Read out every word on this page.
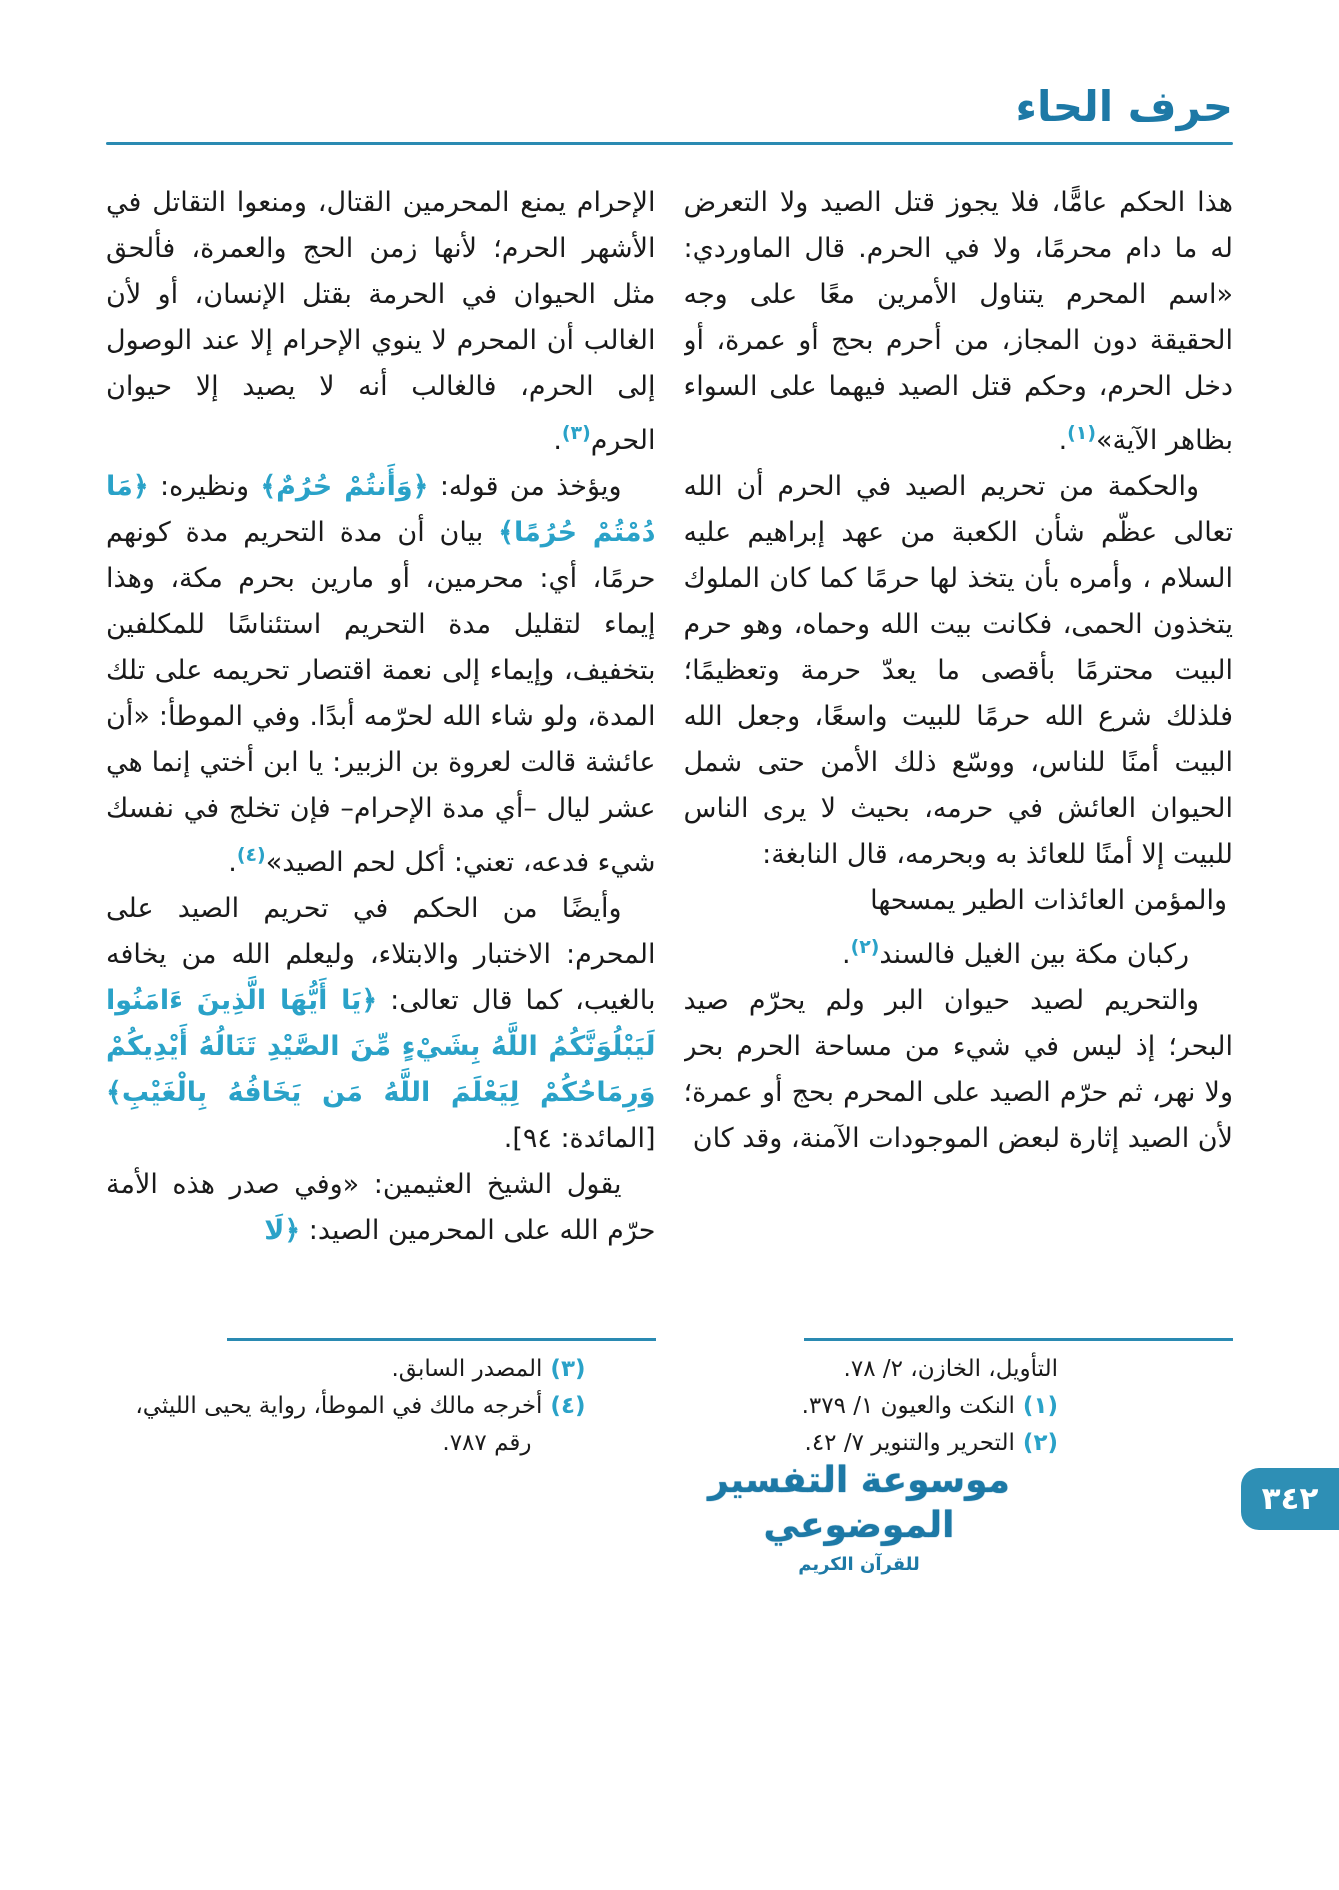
حرف الحاء

هذا الحكم عامًّا، فلا يجوز قتل الصيد ولا التعرض له ما دام محرمًا، ولا في الحرم. قال الماوردي: «اسم المحرم يتناول الأمرين معًا على وجه الحقيقة دون المجاز، من أحرم بحج أو عمرة، أو دخل الحرم، وحكم قتل الصيد فيهما على السواء بظاهر الآية»$^{(١)}$.

والحكمة من تحريم الصيد في الحرم أن الله تعالى عظّم شأن الكعبة من عهد إبراهيم عليه السلام ، وأمره بأن يتخذ لها حرمًا كما كان الملوك يتخذون الحمى، فكانت بيت الله وحماه، وهو حرم البيت محترمًا بأقصى ما يعدّ حرمة وتعظيمًا؛ فلذلك شرع الله حرمًا للبيت واسعًا، وجعل الله البيت أمنًا للناس، ووسّع ذلك الأمن حتى شمل الحيوان العائش في حرمه، بحيث لا يرى الناس للبيت إلا أمنًا للعائذ به وبحرمه، قال النابغة:

والمؤمن العائذات الطير يمسحها

ركبان مكة بين الغيل فالسند$^{(٢)}$.

والتحريم لصيد حيوان البر ولم يحرّم صيد البحر؛ إذ ليس في شيء من مساحة الحرم بحر ولا نهر، ثم حرّم الصيد على المحرم بحج أو عمرة؛ لأن الصيد إثارة لبعض الموجودات الآمنة، وقد كان

التأويل، الخازن، ٢/ ٧٨.
(١)النكت والعيون ١/ ٣٧٩.
(٢)التحرير والتنوير ٧/ ٤٢.

الإحرام يمنع المحرمين القتال، ومنعوا التقاتل في الأشهر الحرم؛ لأنها زمن الحج والعمرة، فألحق مثل الحيوان في الحرمة بقتل الإنسان، أو لأن الغالب أن المحرم لا ينوي الإحرام إلا عند الوصول إلى الحرم، فالغالب أنه لا يصيد إلا حيوان الحرم$^{(٣)}$.

ويؤخذ من قوله: ﴿وَأَنتُمْ حُرُمٌ﴾ ونظيره: ﴿مَا دُمْتُمْ حُرُمًا﴾ بيان أن مدة التحريم مدة كونهم حرمًا، أي: محرمين، أو مارين بحرم مكة، وهذا إيماء لتقليل مدة التحريم استئناسًا للمكلفين بتخفيف، وإيماء إلى نعمة اقتصار تحريمه على تلك المدة، ولو شاء الله لحرّمه أبدًا. وفي الموطأ: «أن عائشة قالت لعروة بن الزبير: يا ابن أختي إنما هي عشر ليال –أي مدة الإحرام– فإن تخلج في نفسك شيء فدعه، تعني: أكل لحم الصيد»$^{(٤)}$.

وأيضًا من الحكم في تحريم الصيد على المحرم: الاختبار والابتلاء، وليعلم الله من يخافه بالغيب، كما قال تعالى: ﴿يَا أَيُّهَا الَّذِينَ ءَامَنُوا لَيَبْلُوَنَّكُمُ اللَّهُ بِشَيْءٍ مِّنَ الصَّيْدِ تَنَالُهُ أَيْدِيكُمْ وَرِمَاحُكُمْ لِيَعْلَمَ اللَّهُ مَن يَخَافُهُ بِالْغَيْبِ﴾ [المائدة: ٩٤].

يقول الشيخ العثيمين: «وفي صدر هذه الأمة حرّم الله على المحرمين الصيد: ﴿لَا

(٣)المصدر السابق.
(٤)أخرجه مالك في الموطأ، رواية يحيى الليثي، رقم ٧٨٧.
موسوعة التفسير الموضوعي
للقرآن الكريم
٣٤٢
